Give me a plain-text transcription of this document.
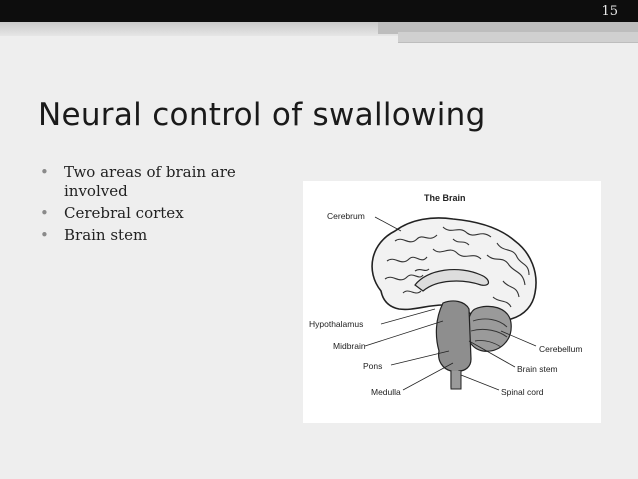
15
Neural control of swallowing
• Two areas of brain are involved
• Cerebral cortex
• Brain stem
The Brain
Cerebrum
Hypothalamus
Midbrain
Pons
Medulla
Cerebellum
Brain stem
Spinal cord
